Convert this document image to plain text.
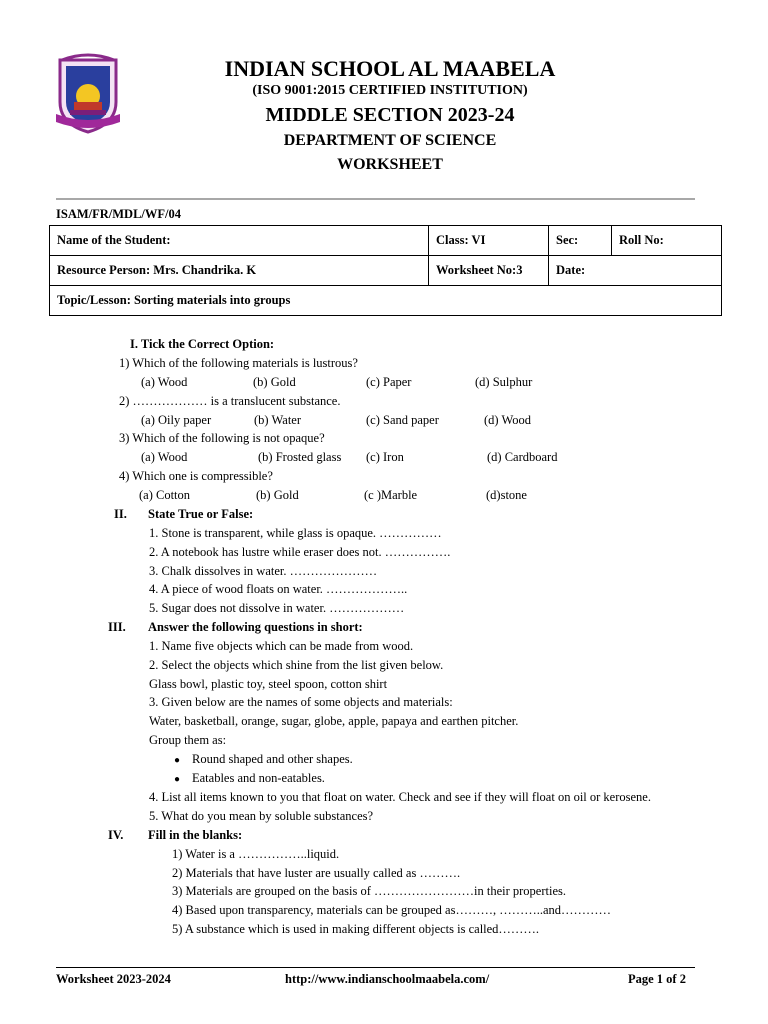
INDIAN SCHOOL AL MAABELA
(ISO 9001:2015 CERTIFIED INSTITUTION)
MIDDLE SECTION 2023-24
DEPARTMENT OF SCIENCE
WORKSHEET
ISAM/FR/MDL/WF/04
Name of the Student:	Class: VI	Sec:	Roll No:
Resource Person: Mrs. Chandrika. K	Worksheet No:3	Date:	
Topic/Lesson: Sorting materials into groups			
I. Tick the Correct Option:
1) Which of the following materials is lustrous?
(a) Wood	(b) Gold	(c) Paper	(d) Sulphur
2) ……………… is a translucent substance.
(a) Oily paper	(b) Water	(c) Sand paper	(d) Wood
3) Which of the following is not opaque?
(a) Wood	(b) Frosted glass (c) Iron	(d) Cardboard
4) Which one is compressible?
(a) Cotton	(b) Gold	(c )Marble	(d)stone
II. State True or False:
1. Stone is transparent, while glass is opaque. ……………
2. A notebook has lustre while eraser does not. …………….
3. Chalk dissolves in water. …………………
4. A piece of wood floats on water. ………………..
5. Sugar does not dissolve in water. ………………
III. Answer the following questions in short:
1. Name five objects which can be made from wood.
2. Select the objects which shine from the list given below.
Glass bowl, plastic toy, steel spoon, cotton shirt
3. Given below are the names of some objects and materials:
Water, basketball, orange, sugar, globe, apple, papaya and earthen pitcher.
Group them as:
● Round shaped and other shapes.
● Eatables and non-eatables.
4. List all items known to you that float on water. Check and see if they will float on oil or kerosene.
5. What do you mean by soluble substances?
IV. Fill in the blanks:
1) Water is a ……………..liquid.
2) Materials that have luster are usually called as ……….
3) Materials are grouped on the basis of ……………………in their properties.
4) Based upon transparency, materials can be grouped as………, ………..and…………
5) A substance which is used in making different objects is called……….
Worksheet 2023-2024	http://www.indianschoolmaabela.com/	Page 1 of 2
